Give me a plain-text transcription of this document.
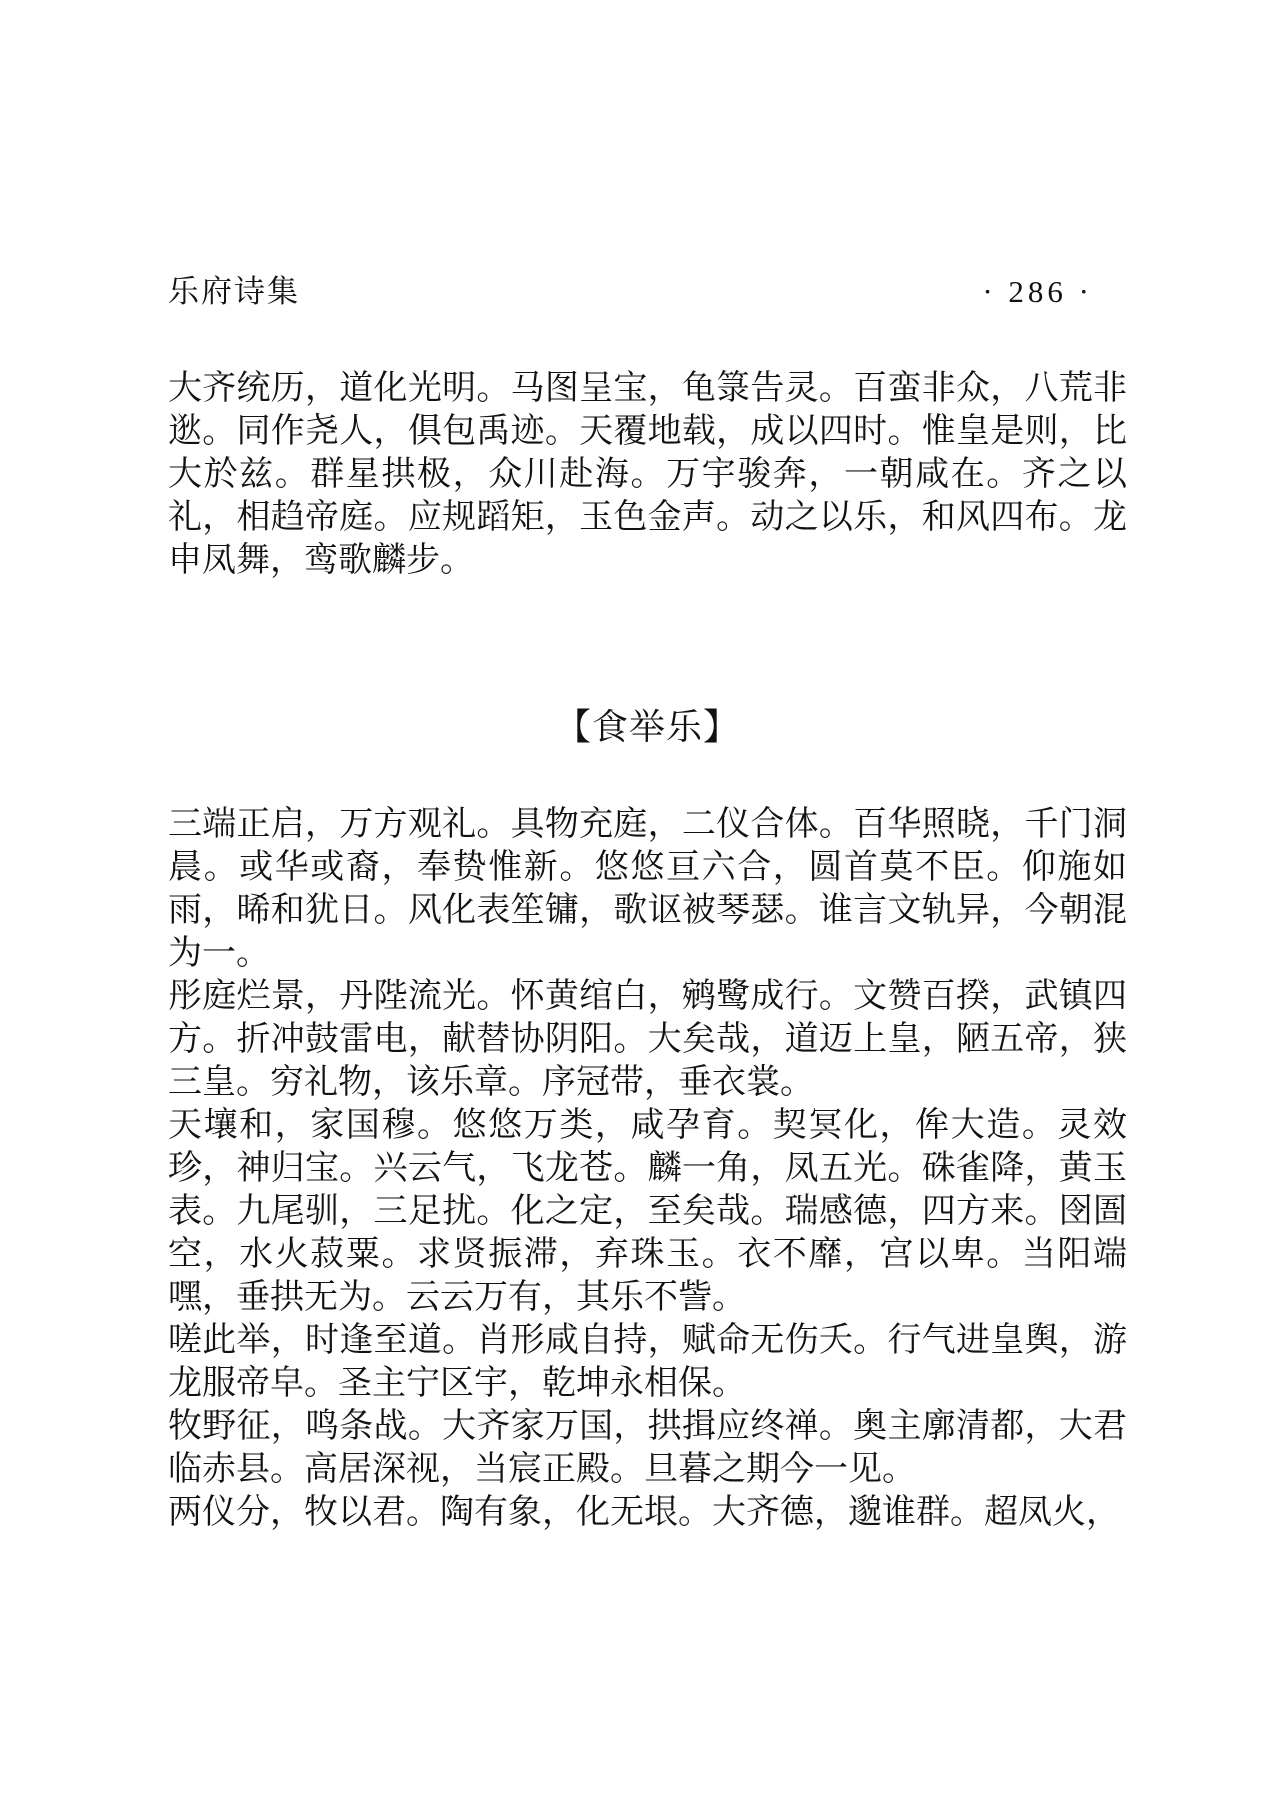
乐府诗集	· 286 ·

大齐统历，道化光明。马图呈宝，龟箓告灵。百蛮非众，八荒非逖。同作尧人，俱包禹迹。天覆地载，成以四时。惟皇是则，比大於兹。群星拱极，众川赴海。万宇骏奔，一朝咸在。齐之以礼，相趋帝庭。应规蹈矩，玉色金声。动之以乐，和风四布。龙申凤舞，鸾歌麟步。

【食举乐】

三端正启，万方观礼。具物充庭，二仪合体。百华照晓，千门洞晨。或华或裔，奉贽惟新。悠悠亘六合，圆首莫不臣。仰施如雨，晞和犹日。风化表笙镛，歌讴被琴瑟。谁言文轨异，今朝混为一。

彤庭烂景，丹陛流光。怀黄绾白，鹓鹭成行。文赞百揆，武镇四方。折冲鼓雷电，献替协阴阳。大矣哉，道迈上皇，陋五帝，狭三皇。穷礼物，该乐章。序冠带，垂衣裳。

天壤和，家国穆。悠悠万类，咸孕育。契冥化，侔大造。灵效珍，神归宝。兴云气，飞龙苍。麟一角，凤五光。硃雀降，黄玉表。九尾驯，三足扰。化之定，至矣哉。瑞感德，四方来。囹圄空，水火菽粟。求贤振滞，弃珠玉。衣不靡，宫以卑。当阳端嘿，垂拱无为。云云万有，其乐不訾。

嗟此举，时逢至道。肖形咸自持，赋命无伤夭。行气进皇舆，游龙服帝皁。圣主宁区宇，乾坤永相保。

牧野征，鸣条战。大齐家万国，拱揖应终禅。奥主廓清都，大君临赤县。高居深视，当宸正殿。旦暮之期今一见。

两仪分，牧以君。陶有象，化无垠。大齐德，邈谁群。超凤火，
